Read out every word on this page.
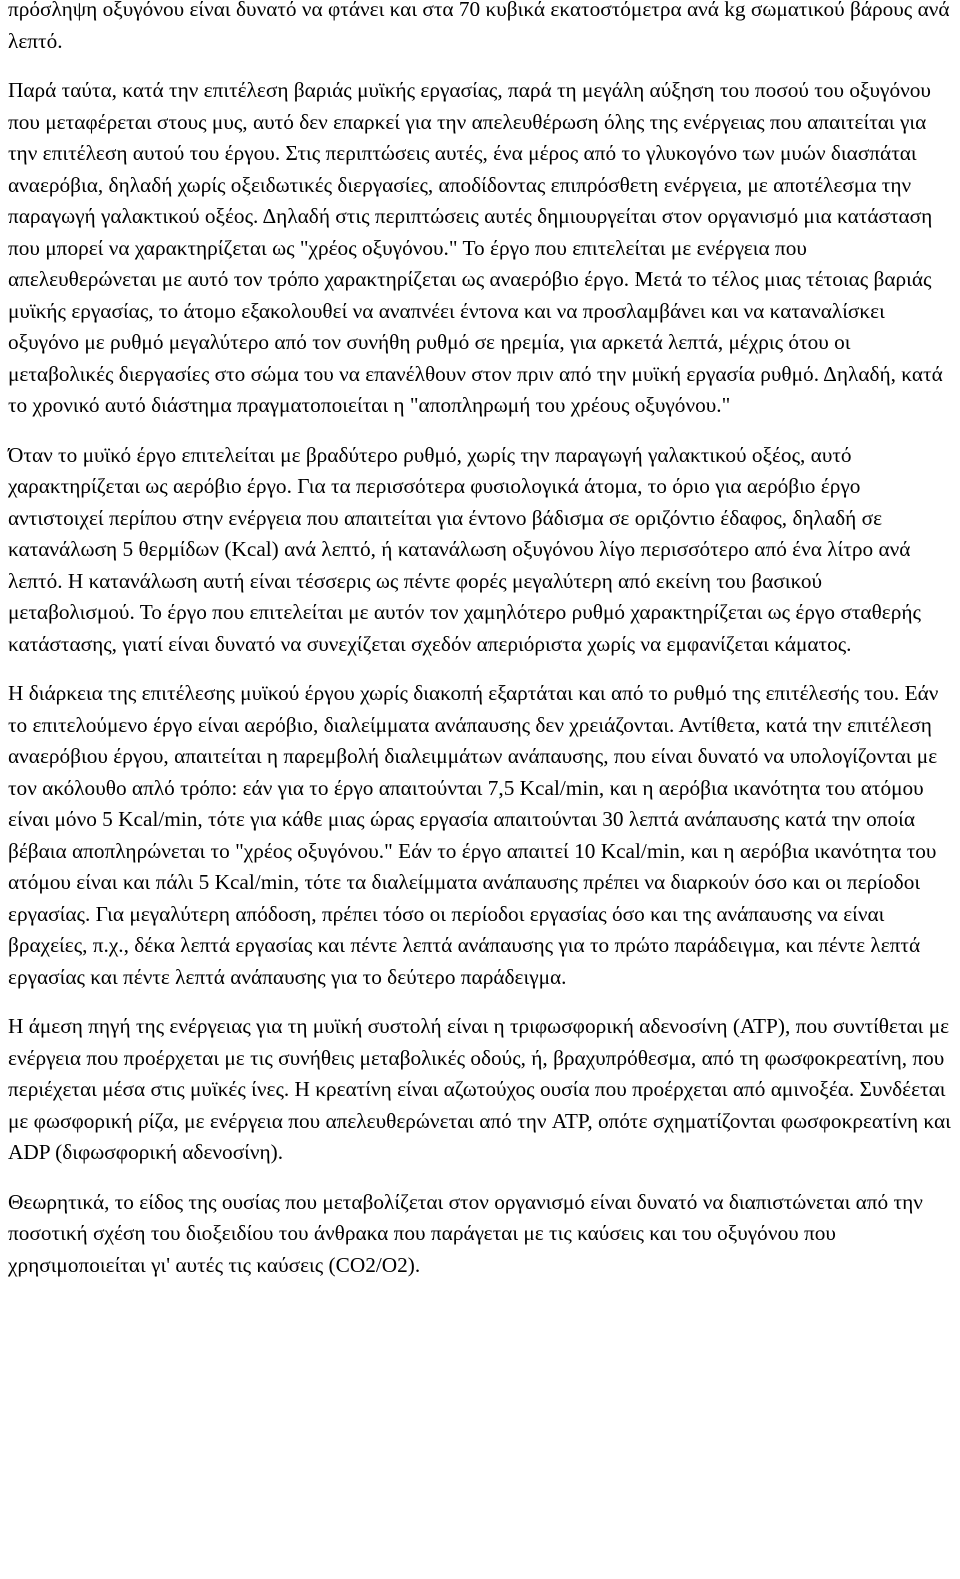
πρόσληψη οξυγόνου είναι δυνατό να φτάνει και στα 70 κυβικά εκατοστόμετρα ανά kg σωματικού βάρους ανά λεπτό.

Παρά ταύτα, κατά την επιτέλεση βαριάς μυϊκής εργασίας, παρά τη μεγάλη αύξηση του ποσού του οξυγόνου που μεταφέρεται στους μυς, αυτό δεν επαρκεί για την απελευθέρωση όλης της ενέργειας που απαιτείται για την επιτέλεση αυτού του έργου. Στις περιπτώσεις αυτές, ένα μέρος από το γλυκογόνο των μυών διασπάται αναερόβια, δηλαδή χωρίς οξειδωτικές διεργασίες, αποδίδοντας επιπρόσθετη ενέργεια, με αποτέλεσμα την παραγωγή γαλακτικού οξέος. Δηλαδή στις περιπτώσεις αυτές δημιουργείται στον οργανισμό μια κατάσταση που μπορεί να χαρακτηρίζεται ως "χρέος οξυγόνου." Το έργο που επιτελείται με ενέργεια που απελευθερώνεται με αυτό τον τρόπο χαρακτηρίζεται ως αναερόβιο έργο. Μετά το τέλος μιας τέτοιας βαριάς μυϊκής εργασίας, το άτομο εξακολουθεί να αναπνέει έντονα και να προσλαμβάνει και να καταναλίσκει οξυγόνο με ρυθμό μεγαλύτερο από τον συνήθη ρυθμό σε ηρεμία, για αρκετά λεπτά, μέχρις ότου οι μεταβολικές διεργασίες στο σώμα του να επανέλθουν στον πριν από την μυϊκή εργασία ρυθμό. Δηλαδή, κατά το χρονικό αυτό διάστημα πραγματοποιείται η "αποπληρωμή του χρέους οξυγόνου."

Όταν το μυϊκό έργο επιτελείται με βραδύτερο ρυθμό, χωρίς την παραγωγή γαλακτικού οξέος, αυτό χαρακτηρίζεται ως αερόβιο έργο. Για τα περισσότερα φυσιολογικά άτομα, το όριο για αερόβιο έργο αντιστοιχεί περίπου στην ενέργεια που απαιτείται για έντονο βάδισμα σε οριζόντιο έδαφος, δηλαδή σε κατανάλωση 5 θερμίδων (Kcal) ανά λεπτό, ή κατανάλωση οξυγόνου λίγο περισσότερο από ένα λίτρο ανά λεπτό. Η κατανάλωση αυτή είναι τέσσερις ως πέντε φορές μεγαλύτερη από εκείνη του βασικού μεταβολισμού. Το έργο που επιτελείται με αυτόν τον χαμηλότερο ρυθμό χαρακτηρίζεται ως έργο σταθερής κατάστασης, γιατί είναι δυνατό να συνεχίζεται σχεδόν απεριόριστα χωρίς να εμφανίζεται κάματος.

Η διάρκεια της επιτέλεσης μυϊκού έργου χωρίς διακοπή εξαρτάται και από το ρυθμό της επιτέλεσής του. Εάν το επιτελούμενο έργο είναι αερόβιο, διαλείμματα ανάπαυσης δεν χρειάζονται. Αντίθετα, κατά την επιτέλεση αναερόβιου έργου, απαιτείται η παρεμβολή διαλειμμάτων ανάπαυσης, που είναι δυνατό να υπολογίζονται με τον ακόλουθο απλό τρόπο: εάν για το έργο απαιτούνται 7,5 Kcal/min, και η αερόβια ικανότητα του ατόμου είναι μόνο 5 Kcal/min, τότε για κάθε μιας ώρας εργασία απαιτούνται 30 λεπτά ανάπαυσης κατά την οποία βέβαια αποπληρώνεται το "χρέος οξυγόνου." Εάν το έργο απαιτεί 10 Kcal/min, και η αερόβια ικανότητα του ατόμου είναι και πάλι 5 Kcal/min, τότε τα διαλείμματα ανάπαυσης πρέπει να διαρκούν όσο και οι περίοδοι εργασίας. Για μεγαλύτερη απόδοση, πρέπει τόσο οι περίοδοι εργασίας όσο και της ανάπαυσης να είναι βραχείες, π.χ., δέκα λεπτά εργασίας και πέντε λεπτά ανάπαυσης για το πρώτο παράδειγμα, και πέντε λεπτά εργασίας και πέντε λεπτά ανάπαυσης για το δεύτερο παράδειγμα.

Η άμεση πηγή της ενέργειας για τη μυϊκή συστολή είναι η τριφωσφορική αδενοσίνη (ATP), που συντίθεται με ενέργεια που προέρχεται με τις συνήθεις μεταβολικές οδούς, ή, βραχυπρόθεσμα, από τη φωσφοκρεατίνη, που περιέχεται μέσα στις μυϊκές ίνες. Η κρεατίνη είναι αζωτούχος ουσία που προέρχεται από αμινοξέα. Συνδέεται με φωσφορική ρίζα, με ενέργεια που απελευθερώνεται από την ATP, οπότε σχηματίζονται φωσφοκρεατίνη και ADP (διφωσφορική αδενοσίνη).

Θεωρητικά, το είδος της ουσίας που μεταβολίζεται στον οργανισμό είναι δυνατό να διαπιστώνεται από την ποσοτική σχέση του διοξειδίου του άνθρακα που παράγεται με τις καύσεις και του οξυγόνου που χρησιμοποιείται γι' αυτές τις καύσεις (CO2/O2).
